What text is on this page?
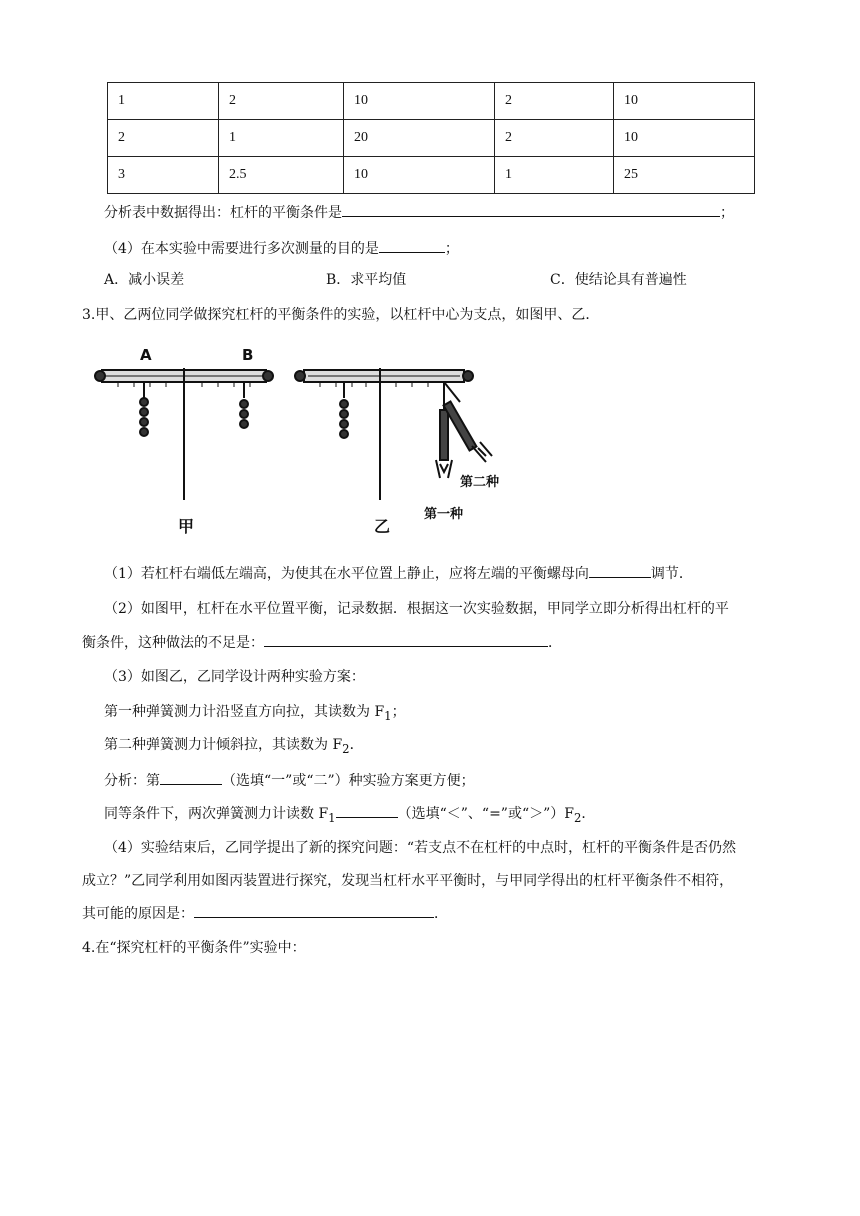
1	2	10	2	10
2	1	20	2	10
3	2.5	10	1	25
分析表中数据得出：杠杆的平衡条件是	；
（4）在本实验中需要进行多次测量的目的是	；
A．减小误差	B．求平均值	C．使结论具有普遍性
3.甲、乙两位同学做探究杠杆的平衡条件的实验，以杠杆中心为支点，如图甲、乙．
A	B
甲	乙
第一种
第二种
（1）若杠杆右端低左端高，为使其在水平位置上静止，应将左端的平衡螺母向	调节．
（2）如图甲，杠杆在水平位置平衡，记录数据．根据这一次实验数据，甲同学立即分析得出杠杆的平
衡条件，这种做法的不足是：	．
（3）如图乙，乙同学设计两种实验方案：
第一种弹簧测力计沿竖直方向拉，其读数为 $F_1$；
第二种弹簧测力计倾斜拉，其读数为 $F_2$．
分析：第	（选填“一”或“二”）种实验方案更方便；
同等条件下，两次弹簧测力计读数 $F_1$	（选填“＜”、“=”或“$>”)F_2$．
（4）实验结束后，乙同学提出了新的探究问题：“若支点不在杠杆的中点时，杠杆的平衡条件是否仍然
成立？”乙同学利用如图丙装置进行探究，发现当杠杆水平平衡时，与甲同学得出的杠杆平衡条件不相符，
其可能的原因是：	．
4.在“探究杠杆的平衡条件”实验中：
